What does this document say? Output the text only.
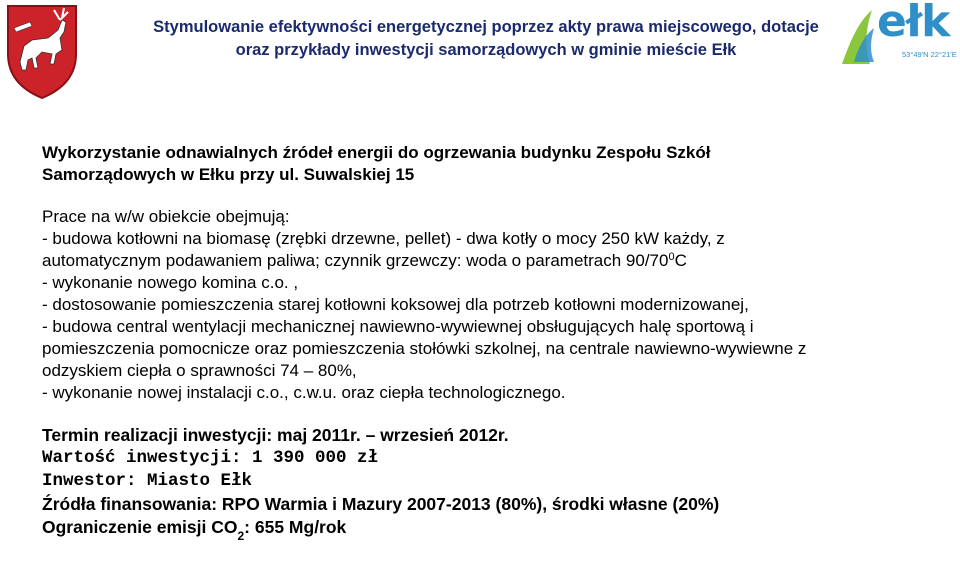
Stymulowanie efektywności energetycznej poprzez akty prawa miejscowego, dotacje
oraz przykłady inwestycji samorządowych w gminie mieście Ełk
ełk
53°49'N 22°21'E
Wykorzystanie odnawialnych źródeł energii do ogrzewania budynku Zespołu Szkół
Samorządowych w Ełku przy ul. Suwalskiej 15
Prace na w/w obiekcie obejmują:
- budowa kotłowni na biomasę (zrębki drzewne, pellet) - dwa kotły o mocy 250 kW każdy, z
automatycznym podawaniem paliwa; czynnik grzewczy: woda o parametrach $90/70^0C$
- wykonanie nowego komina c.o. ,
- dostosowanie pomieszczenia starej kotłowni koksowej dla potrzeb kotłowni modernizowanej,
- budowa central wentylacji mechanicznej nawiewno-wywiewnej obsługujących halę sportową i
pomieszczenia pomocnicze oraz pomieszczenia stołówki szkolnej, na centrale nawiewno-wywiewne z
odzyskiem ciepła o sprawności 74 – 80%,
- wykonanie nowej instalacji c.o., c.w.u. oraz ciepła technologicznego.
Termin realizacji inwestycji: maj 2011r. – wrzesień 2012r.
Wartość inwestycji: 1 390 000 zł
Inwestor: Miasto Ełk
Źródła finansowania: RPO Warmia i Mazury 2007-2013 (80%), środki własne (20%)
Ograniczenie emisji $CO_2$: 655 Mg/rok
